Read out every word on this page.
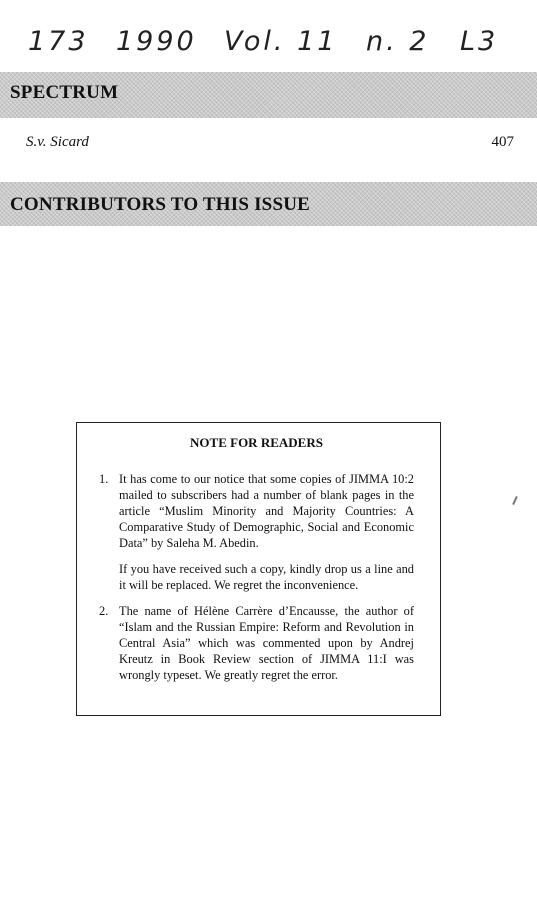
173 1990 Vol. 11 n. 2 L3
SPECTRUM
S.v. Sicard	407
CONTRIBUTORS TO THIS ISSUE
NOTE FOR READERS
1. It has come to our notice that some copies of JIMMA 10:2 mailed to subscribers had a number of blank pages in the article “Muslim Minority and Majority Countries: A Comparative Study of Demographic, Social and Economic Data” by Saleha M. Abedin.

If you have received such a copy, kindly drop us a line and it will be replaced. We regret the inconvenience.

2. The name of Hélène Carrère d’Encausse, the author of “Islam and the Russian Empire: Reform and Revolution in Central Asia” which was commented upon by Andrej Kreutz in Book Review section of JIMMA 11:I was wrongly typeset. We greatly regret the error.
